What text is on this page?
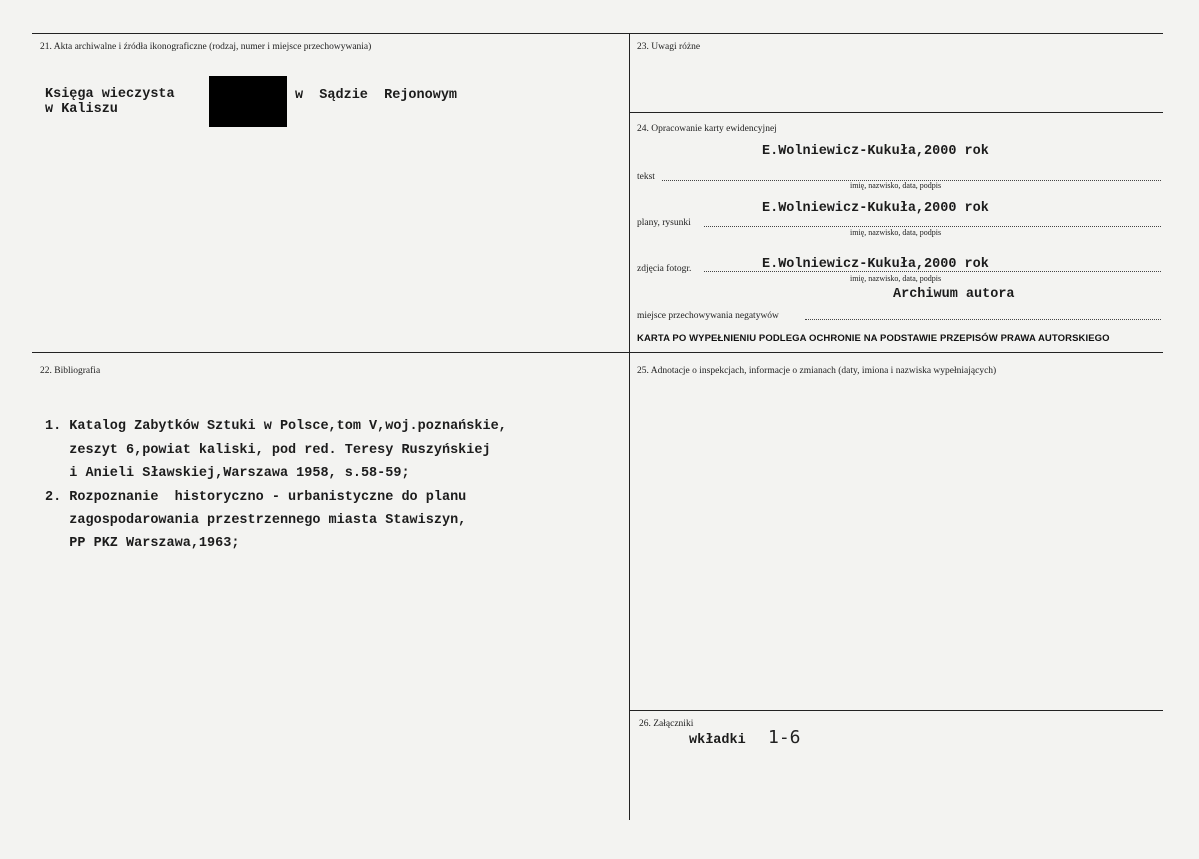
21. Akta archiwalne i źródła ikonograficzne (rodzaj, numer i miejsce przechowywania)
Księga wieczysta	w  Sądzie  Rejonowym
w Kaliszu
23. Uwagi różne
24. Opracowanie karty ewidencyjnej
E.Wolniewicz-Kukuła,2000 rok
tekst
imię, nazwisko, data, podpis
E.Wolniewicz-Kukuła,2000 rok
plany, rysunki
imię, nazwisko, data, podpis
E.Wolniewicz-Kukuła,2000 rok
zdjęcia fotogr.
imię, nazwisko, data, podpis
Archiwum autora
miejsce przechowywania negatywów
KARTA PO WYPEŁNIENIU PODLEGA OCHRONIE NA PODSTAWIE PRZEPISÓW PRAWA AUTORSKIEGO
22. Bibliografia
1. Katalog Zabytków Sztuki w Polsce,tom V,woj.poznańskie,
zeszyt 6,powiat kaliski, pod red. Teresy Ruszyńskiej
i Anieli Sławskiej,Warszawa 1958, s.58-59;
2. Rozpoznanie  historyczno - urbanistyczne do planu
zagospodarowania przestrzennego miasta Stawiszyn,
PP PKZ Warszawa,1963;
25. Adnotacje o inspekcjach, informacje o zmianach (daty, imiona i nazwiska wypełniających)
26. Załączniki
wkładki 1-6
